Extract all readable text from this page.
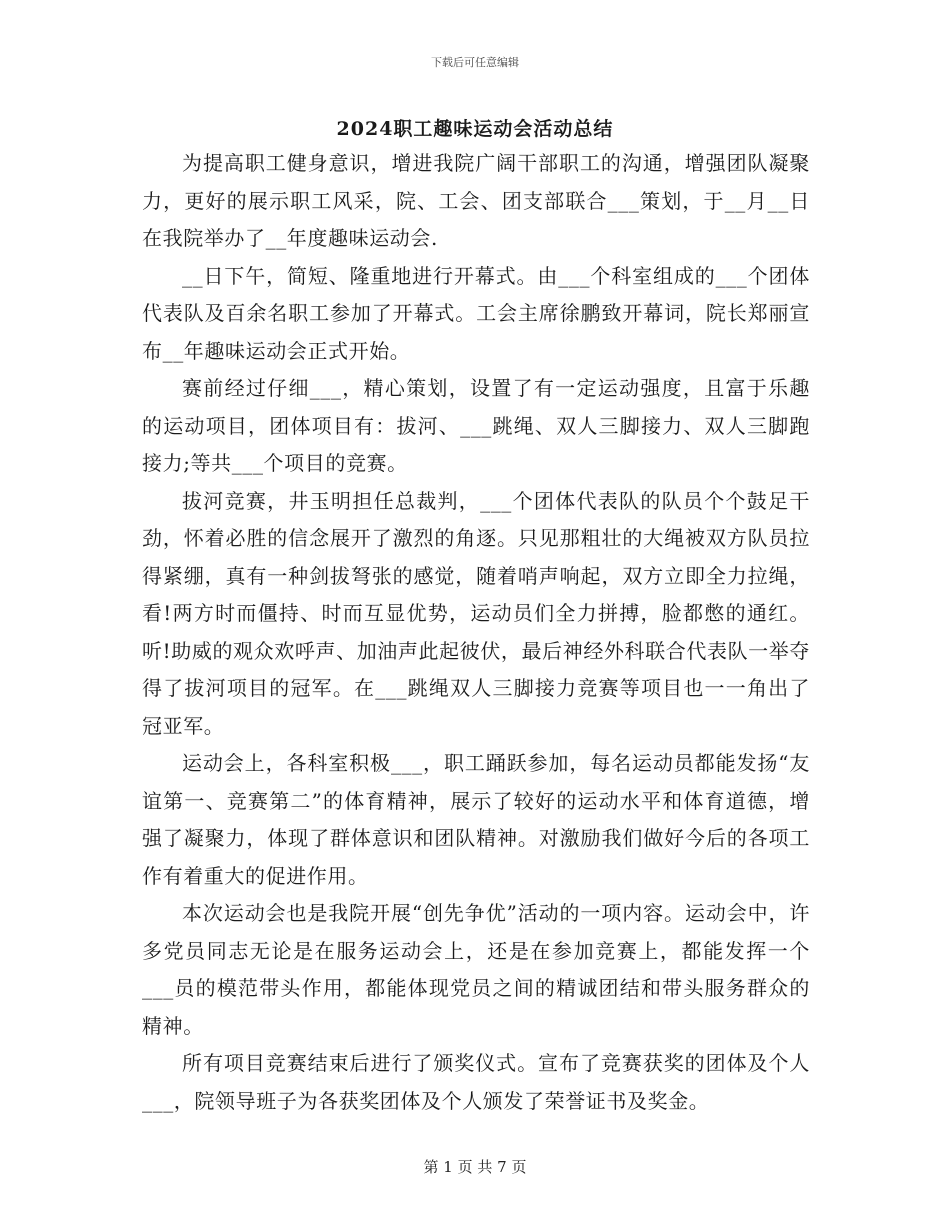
下载后可任意编辑
2024职工趣味运动会活动总结

为提高职工健身意识，增进我院广阔干部职工的沟通，增强团队凝聚力，更好的展示职工风采，院、工会、团支部联合___策划，于__月__日在我院举办了__年度趣味运动会.

__日下午，简短、隆重地进行开幕式。由___个科室组成的___个团体代表队及百余名职工参加了开幕式。工会主席徐鹏致开幕词，院长郑丽宣布__年趣味运动会正式开始。

赛前经过仔细___，精心策划，设置了有一定运动强度，且富于乐趣的运动项目，团体项目有：拔河、___跳绳、双人三脚接力、双人三脚跑接力;等共___个项目的竞赛。

拔河竞赛，井玉明担任总裁判，___个团体代表队的队员个个鼓足干劲，怀着必胜的信念展开了激烈的角逐。只见那粗壮的大绳被双方队员拉得紧绷，真有一种剑拔弩张的感觉，随着哨声响起，双方立即全力拉绳，看!两方时而僵持、时而互显优势，运动员们全力拼搏，脸都憋的通红。听!助威的观众欢呼声、加油声此起彼伏，最后神经外科联合代表队一举夺得了拔河项目的冠军。在___跳绳双人三脚接力竞赛等项目也一一角出了冠亚军。

运动会上，各科室积极___，职工踊跃参加，每名运动员都能发扬“友谊第一、竞赛第二”的体育精神，展示了较好的运动水平和体育道德，增强了凝聚力，体现了群体意识和团队精神。对激励我们做好今后的各项工作有着重大的促进作用。

本次运动会也是我院开展“创先争优”活动的一项内容。运动会中，许多党员同志无论是在服务运动会上，还是在参加竞赛上，都能发挥一个___员的模范带头作用，都能体现党员之间的精诚团结和带头服务群众的精神。

所有项目竞赛结束后进行了颁奖仪式。宣布了竞赛获奖的团体及个人___，院领导班子为各获奖团体及个人颁发了荣誉证书及奖金。

第 1 页 共 7 页
